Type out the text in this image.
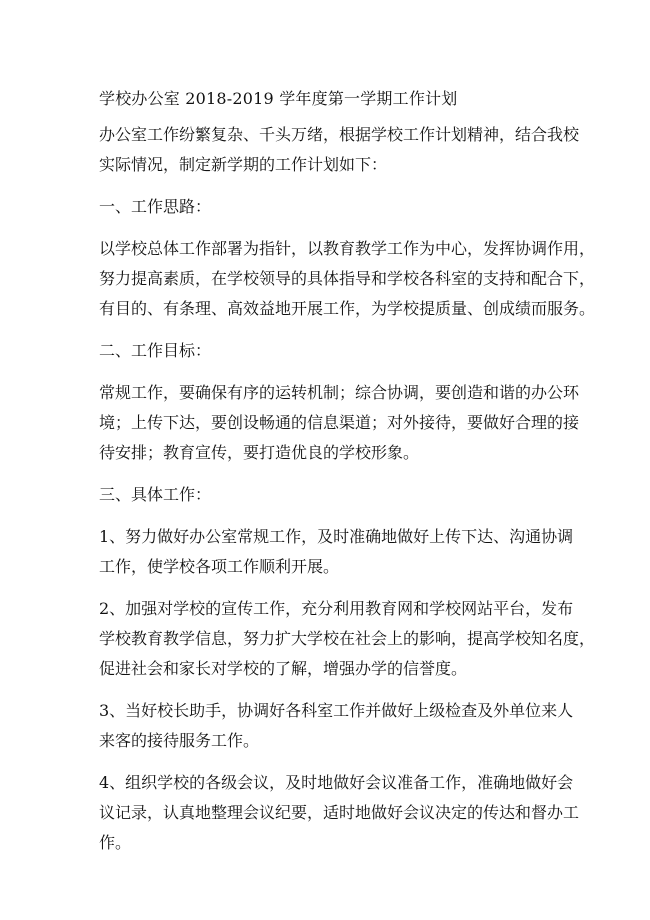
学校办公室 2018-2019 学年度第一学期工作计划
办公室工作纷繁复杂、千头万绪，根据学校工作计划精神，结合我校
实际情况，制定新学期的工作计划如下：
一、工作思路：
以学校总体工作部署为指针，以教育教学工作为中心，发挥协调作用，
努力提高素质，在学校领导的具体指导和学校各科室的支持和配合下，
有目的、有条理、高效益地开展工作，为学校提质量、创成绩而服务。
二、工作目标：
常规工作，要确保有序的运转机制；综合协调，要创造和谐的办公环
境；上传下达，要创设畅通的信息渠道；对外接待，要做好合理的接
待安排；教育宣传，要打造优良的学校形象。
三、具体工作：
1、努力做好办公室常规工作，及时准确地做好上传下达、沟通协调
工作，使学校各项工作顺利开展。
2、加强对学校的宣传工作，充分利用教育网和学校网站平台，发布
学校教育教学信息，努力扩大学校在社会上的影响，提高学校知名度，
促进社会和家长对学校的了解，增强办学的信誉度。
3、当好校长助手，协调好各科室工作并做好上级检查及外单位来人
来客的接待服务工作。
4、组织学校的各级会议，及时地做好会议准备工作，准确地做好会
议记录，认真地整理会议纪要，适时地做好会议决定的传达和督办工
作。
